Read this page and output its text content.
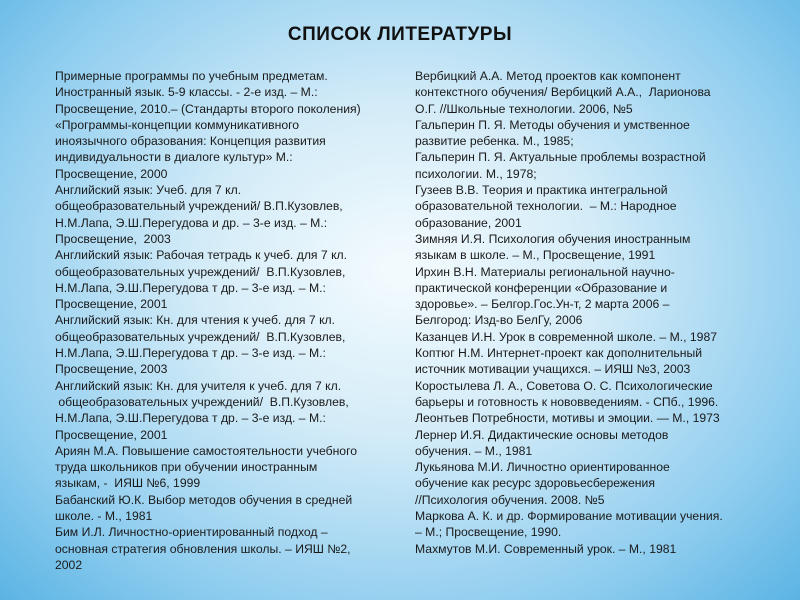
СПИСОК ЛИТЕРАТУРЫ
Примерные программы по учебным предметам.
Иностранный язык. 5-9 классы. - 2-е изд. – М.:
Просвещение, 2010.– (Стандарты второго поколения)
«Программы-концепции коммуникативного
иноязычного образования: Концепция развития
индивидуальности в диалоге культур» М.:
Просвещение, 2000
Английский язык: Учеб. для 7 кл.
общеобразовательный учреждений/ В.П.Кузовлев,
Н.М.Лапа, Э.Ш.Перегудова и др. – 3-е изд. – М.:
Просвещение,  2003
Английский язык: Рабочая тетрадь к учеб. для 7 кл.
общеобразовательных учреждений/  В.П.Кузовлев,
Н.М.Лапа, Э.Ш.Перегудова т др. – 3-е изд. – М.:
Просвещение, 2001
Английский язык: Кн. для чтения к учеб. для 7 кл.
общеобразовательных учреждений/  В.П.Кузовлев,
Н.М.Лапа, Э.Ш.Перегудова т др. – 3-е изд. – М.:
Просвещение, 2003
Английский язык: Кн. для учителя к учеб. для 7 кл.
общеобразовательных учреждений/  В.П.Кузовлев,
Н.М.Лапа, Э.Ш.Перегудова т др. – 3-е изд. – М.:
Просвещение, 2001
Ариян М.А. Повышение самостоятельности учебного
труда школьников при обучении иностранным
языкам, -  ИЯШ №6, 1999
Бабанский Ю.К. Выбор методов обучения в средней
школе. - М., 1981
Бим И.Л. Личностно-ориентированный подход –
основная стратегия обновления школы. – ИЯШ №2,
2002
Вербицкий А.А. Метод проектов как компонент
контекстного обучения/ Вербицкий А.А.,  Ларионова
О.Г. //Школьные технологии. 2006, №5
Гальперин П. Я. Методы обучения и умственное
развитие ребенка. М., 1985;
Гальперин П. Я. Актуальные проблемы возрастной
психологии. М., 1978;
Гузеев В.В. Теория и практика интегральной
образовательной технологии.  – М.: Народное
образование, 2001
Зимняя И.Я. Психология обучения иностранным
языкам в школе. – М., Просвещение, 1991
Ирхин В.Н. Материалы региональной научно-
практической конференции «Образование и
здоровье». – Белгор.Гос.Ун-т, 2 марта 2006 –
Белгород: Изд-во БелГу, 2006
Казанцев И.Н. Урок в современной школе. – М., 1987
Коптюг Н.М. Интернет-проект как дополнительный
источник мотивации учащихся. – ИЯШ №3, 2003
Коростылева Л. А., Советова О. С. Психологические
барьеры и готовность к нововведениям. - СПб., 1996.
Леонтьев Потребности, мотивы и эмоции. — М., 1973
Лернер И.Я. Дидактические основы методов
обучения. – М., 1981
Лукьянова М.И. Личностно ориентированное
обучение как ресурс здоровьесбережения
//Психология обучения. 2008. №5
Маркова А. К. и др. Формирование мотивации учения.
– М.; Просвещение, 1990.
Махмутов М.И. Современный урок. – М., 1981
